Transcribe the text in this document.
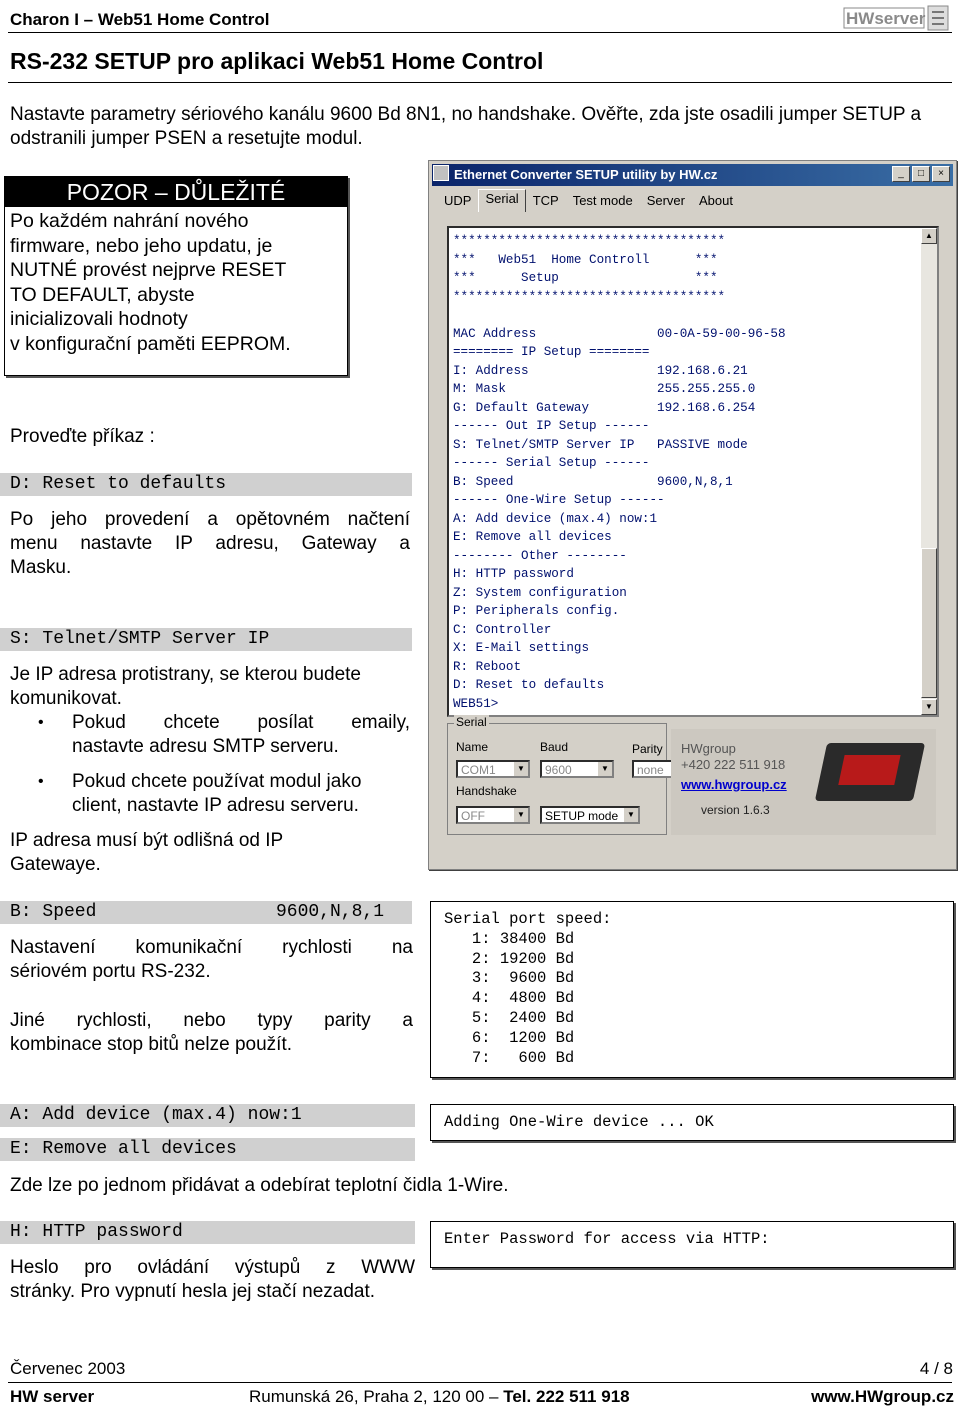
Charon I – Web51 Home Control	HWserver
RS-232 SETUP pro aplikaci Web51 Home Control
Nastavte parametry sériového kanálu 9600 Bd 8N1, no handshake. Ověřte, zda jste osadili jumper SETUP a odstranili jumper PSEN a resetujte modul.
POZOR – DŮLEŽITÉ
Po každém nahrání nového
firmware, nebo jeho updatu, je
NUTNÉ provést nejprve RESET
TO DEFAULT, abyste
inicializovali hodnoty
v konfigurační paměti EEPROM.
Proveďte příkaz :
D: Reset to defaults
Po jeho provedení a opětovném načtení
menu nastavte IP adresu, Gateway a
Masku.
S: Telnet/SMTP Server IP
Je IP adresa protistrany, se kterou budete
komunikovat.
• Pokud chcete posílat emaily,
nastavte adresu SMTP serveru.
• Pokud chcete používat modul jako
client, nastavte IP adresu serveru.
IP adresa musí být odlišná od IP
Gatewaye.
Ethernet Converter SETUP utility by HW.cz	_	□	×
UDP	Serial	TCP	Test mode	Server	About
************************************
***   Web51  Home Controll      ***
***      Setup                  ***
************************************

MAC Address                00-0A-59-00-96-58
======== IP Setup ========
I: Address                 192.168.6.21
M: Mask                    255.255.255.0
G: Default Gateway         192.168.6.254
------ Out IP Setup ------
S: Telnet/SMTP Server IP   PASSIVE mode
------ Serial Setup ------
B: Speed                   9600,N,8,1
------ One-Wire Setup ------
A: Add device (max.4) now:1
E: Remove all devices
-------- Other --------
H: HTTP password
Z: System configuration
P: Peripherals config.
C: Controller
X: E-Mail settings
R: Reboot
D: Reset to defaults
WEB51>
▲
▼
Serial
Name	Baud
COM1	▼	9600	▼
Parity
none
Handshake
OFF	▼	SETUP mode	▼
HWgroup
+420 222 511 918
www.hwgroup.cz
version 1.6.3
B: Speed	9600,N,8,1
Nastavení komunikační rychlosti na
sériovém portu RS-232.
Jiné rychlosti, nebo typy parity a
kombinace stop bitů nelze použít.
Serial port speed:
1: 38400 Bd
2: 19200 Bd
3:  9600 Bd
4:  4800 Bd
5:  2400 Bd
6:  1200 Bd
7:   600 Bd
A: Add device (max.4) now:1
E: Remove all devices
Adding One-Wire device ... OK
Zde lze po jednom přidávat a odebírat teplotní čidla 1-Wire.
H: HTTP password	Enter Password for access via HTTP:
Heslo pro ovládání výstupů z WWW
stránky. Pro vypnutí hesla jej stačí nezadat.
Červenec 2003	4 / 8
HW server	Rumunská 26, Praha 2, 120 00 – Tel. 222 511 918	www.HWgroup.cz
